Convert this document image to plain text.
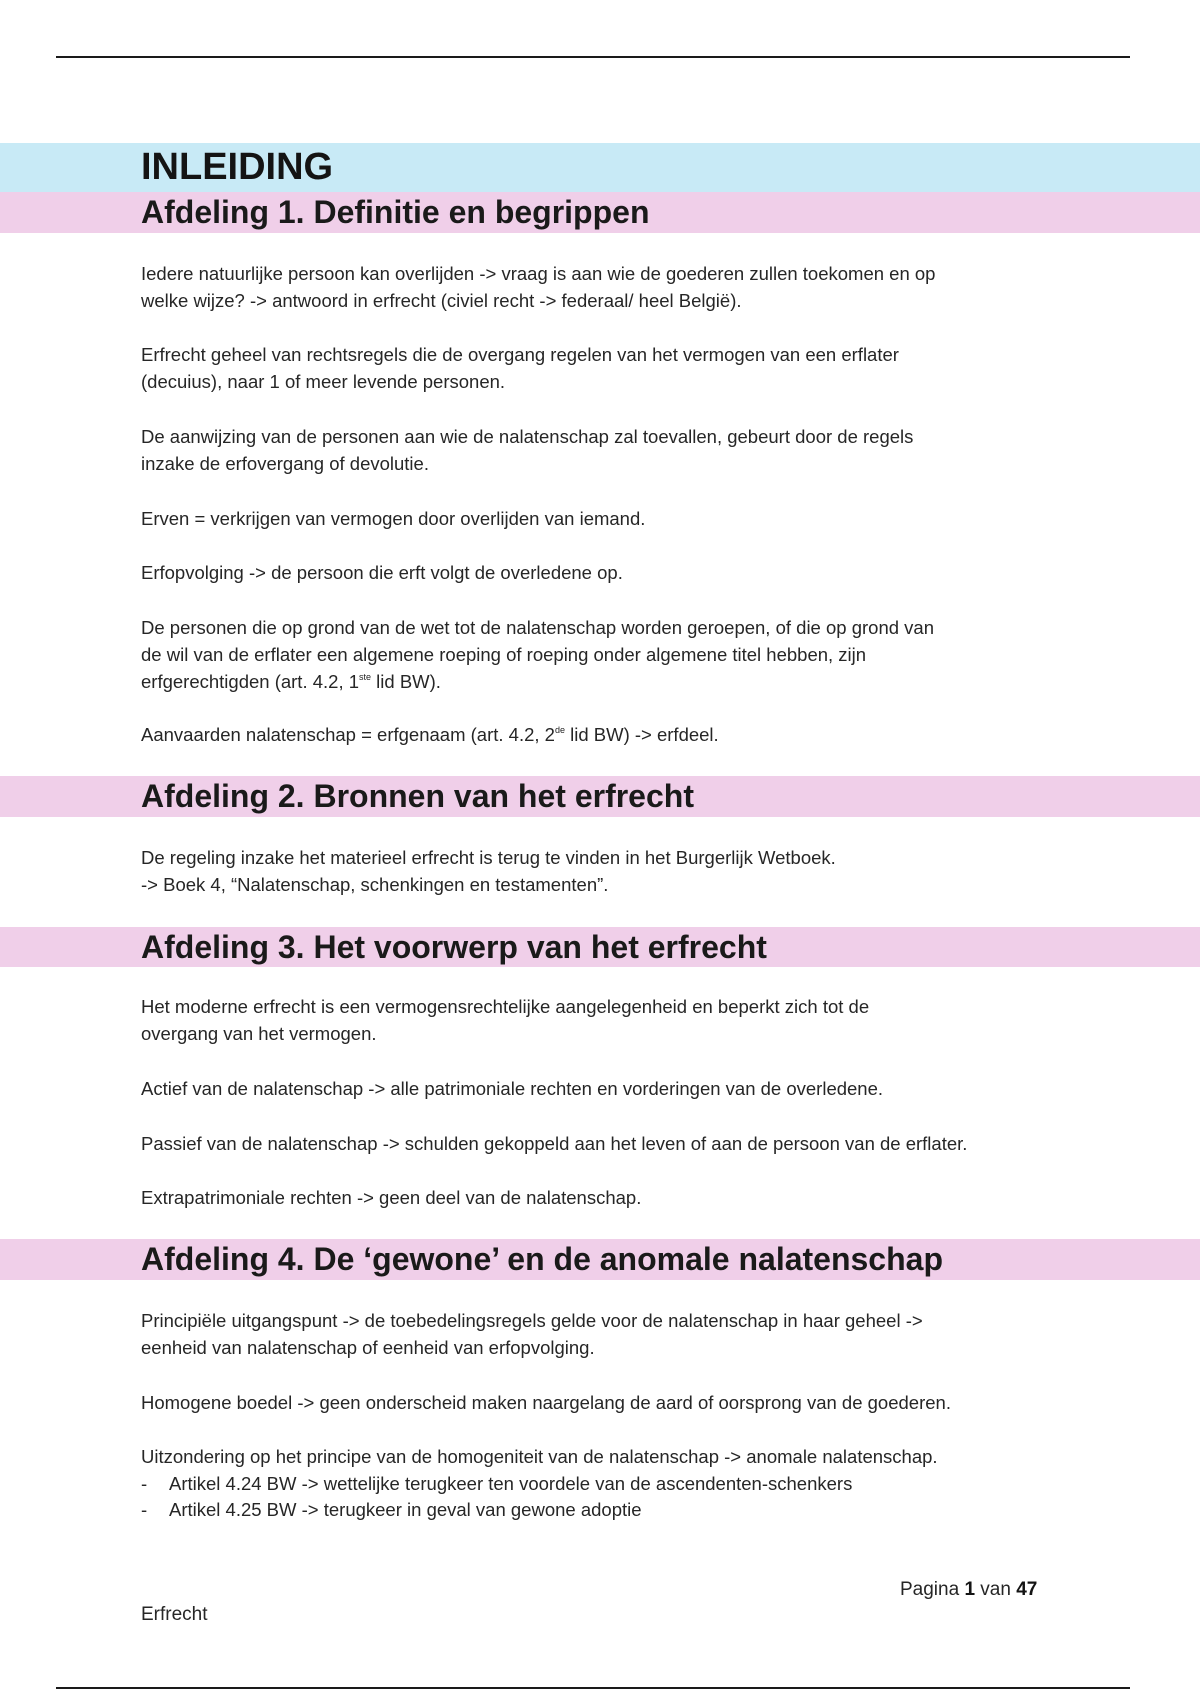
INLEIDING
Afdeling 1. Definitie en begrippen

Iedere natuurlijke persoon kan overlijden -> vraag is aan wie de goederen zullen toekomen en op
welke wijze? -> antwoord in erfrecht (civiel recht -> federaal/ heel België).

Erfrecht geheel van rechtsregels die de overgang regelen van het vermogen van een erflater
(decuius), naar 1 of meer levende personen.

De aanwijzing van de personen aan wie de nalatenschap zal toevallen, gebeurt door de regels
inzake de erfovergang of devolutie.

Erven = verkrijgen van vermogen door overlijden van iemand.

Erfopvolging -> de persoon die erft volgt de overledene op.

De personen die op grond van de wet tot de nalatenschap worden geroepen, of die op grond van
de wil van de erflater een algemene roeping of roeping onder algemene titel hebben, zijn
erfgerechtigden (art. 4.2, 1ste lid BW).

Aanvaarden nalatenschap = erfgenaam (art. 4.2, 2de lid BW) -> erfdeel.

Afdeling 2. Bronnen van het erfrecht

De regeling inzake het materieel erfrecht is terug te vinden in het Burgerlijk Wetboek.
-> Boek 4, “Nalatenschap, schenkingen en testamenten”.

Afdeling 3. Het voorwerp van het erfrecht

Het moderne erfrecht is een vermogensrechtelijke aangelegenheid en beperkt zich tot de
overgang van het vermogen.

Actief van de nalatenschap -> alle patrimoniale rechten en vorderingen van de overledene.

Passief van de nalatenschap -> schulden gekoppeld aan het leven of aan de persoon van de erflater.

Extrapatrimoniale rechten -> geen deel van de nalatenschap.

Afdeling 4. De ‘gewone’ en de anomale nalatenschap

Principiële uitgangspunt -> de toebedelingsregels gelde voor de nalatenschap in haar geheel ->
eenheid van nalatenschap of eenheid van erfopvolging.

Homogene boedel -> geen onderscheid maken naargelang de aard of oorsprong van de goederen.

Uitzondering op het principe van de homogeniteit van de nalatenschap -> anomale nalatenschap.

- Artikel 4.24 BW -> wettelijke terugkeer ten voordele van de ascendenten-schenkers
- Artikel 4.25 BW -> terugkeer in geval van gewone adoptie
Pagina 1 van 47
Erfrecht
